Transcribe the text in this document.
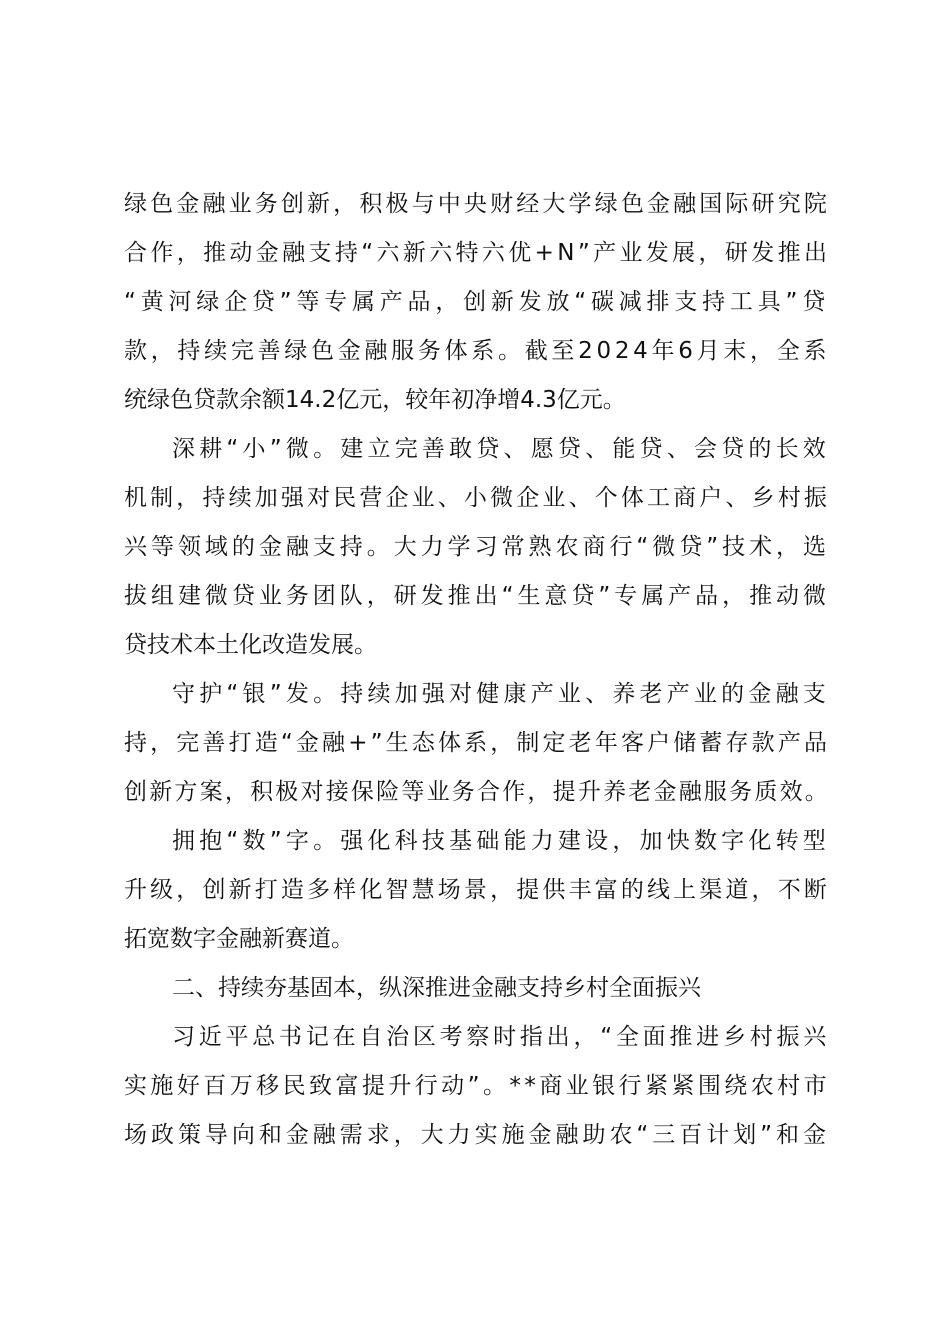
绿色金融业务创新，积极与中央财经大学绿色金融国际研究院
合作，推动金融支持“六新六特六优+N”产业发展，研发推出
“黄河绿企贷”等专属产品，创新发放“碳减排支持工具”贷
款，持续完善绿色金融服务体系。截至2024年6月末，全系
统绿色贷款余额14.2亿元，较年初净增4.3亿元。
深耕“小”微。建立完善敢贷、愿贷、能贷、会贷的长效
机制，持续加强对民营企业、小微企业、个体工商户、乡村振
兴等领域的金融支持。大力学习常熟农商行“微贷”技术，选
拔组建微贷业务团队，研发推出“生意贷”专属产品，推动微
贷技术本土化改造发展。
守护“银”发。持续加强对健康产业、养老产业的金融支
持，完善打造“金融+”生态体系，制定老年客户储蓄存款产品
创新方案，积极对接保险等业务合作，提升养老金融服务质效。
拥抱“数”字。强化科技基础能力建设，加快数字化转型
升级，创新打造多样化智慧场景，提供丰富的线上渠道，不断
拓宽数字金融新赛道。
二、持续夯基固本，纵深推进金融支持乡村全面振兴
习近平总书记在自治区考察时指出，“全面推进乡村振兴
实施好百万移民致富提升行动”。**商业银行紧紧围绕农村市
场政策导向和金融需求，大力实施金融助农“三百计划”和金
